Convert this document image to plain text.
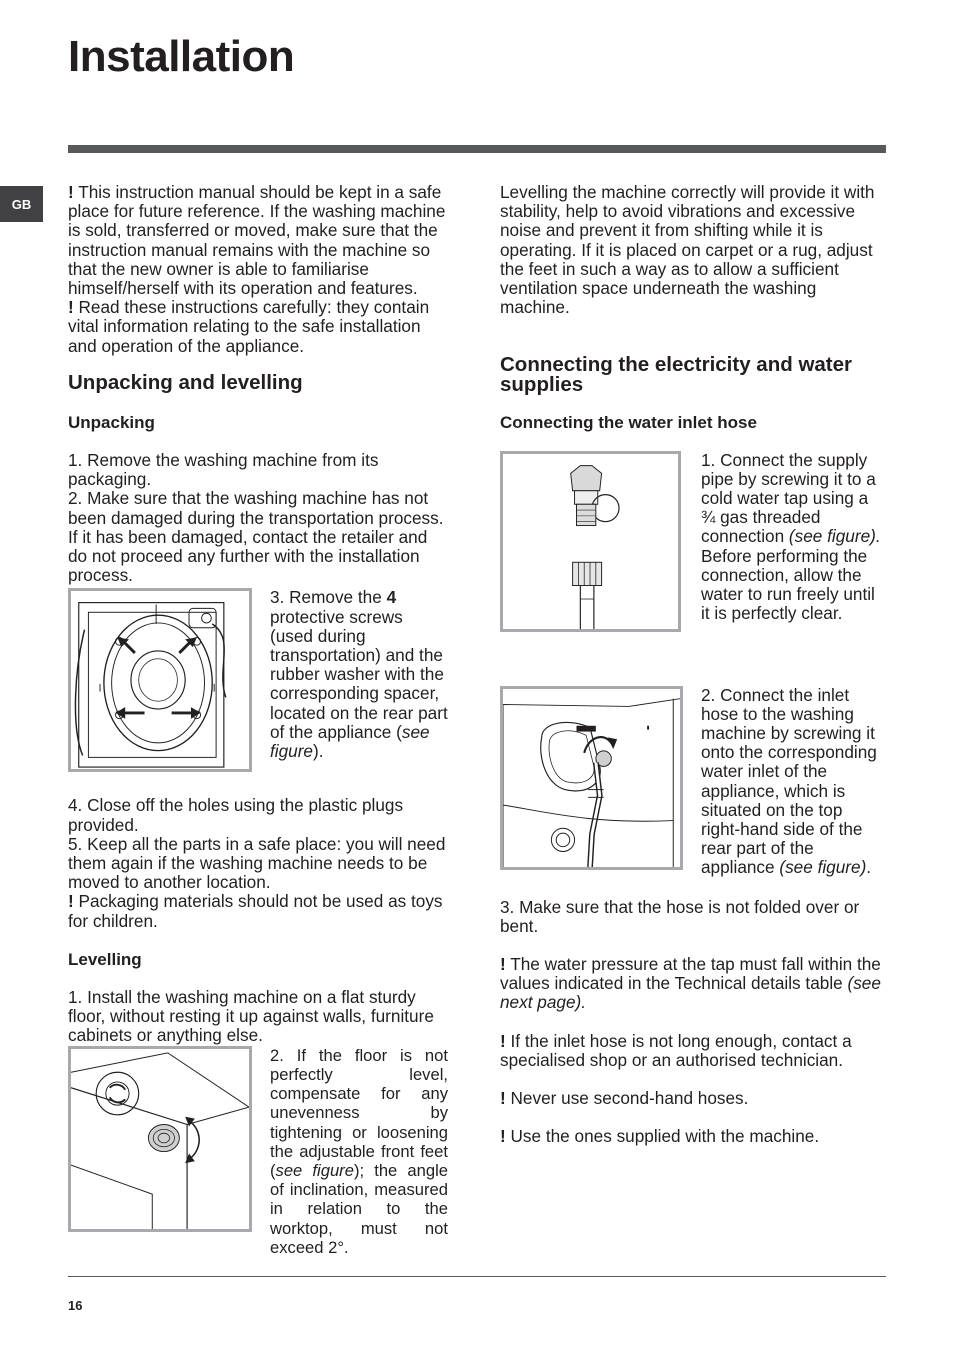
Installation
GB

! This instruction manual should be kept in a safe place for future reference. If the washing machine is sold, transferred or moved, make sure that the instruction manual remains with the machine so that the new owner is able to familiarise himself/herself with its operation and features.

! Read these instructions carefully: they contain vital information relating to the safe installation and operation of the appliance.

Unpacking and levelling

Unpacking

1. Remove the washing machine from its packaging.

2. Make sure that the washing machine has not been damaged during the transportation process. If it has been damaged, contact the retailer and do not proceed any further with the installation process.

3. Remove the 4 protective screws (used during transportation) and the rubber washer with the corresponding spacer, located on the rear part of the appliance (see figure).

4. Close off the holes using the plastic plugs provided.

5. Keep all the parts in a safe place: you will need them again if the washing machine needs to be moved to another location.

! Packaging materials should not be used as toys for children.

Levelling

1. Install the washing machine on a flat sturdy floor, without resting it up against walls, furniture cabinets or anything else.

2. If the floor is not perfectly level, compensate for any unevenness by tightening or loosening the adjustable front feet (see figure); the angle of inclination, measured in relation to the worktop, must not exceed 2°.

Levelling the machine correctly will provide it with stability, help to avoid vibrations and excessive noise and prevent it from shifting while it is operating. If it is placed on carpet or a rug, adjust the feet in such a way as to allow a sufficient ventilation space underneath the washing machine.

Connecting the electricity and water supplies

Connecting the water inlet hose

1. Connect the supply pipe by screwing it to a cold water tap using a ¾ gas threaded connection (see figure).
Before performing the connection, allow the water to run freely until it is perfectly clear.
2. Connect the inlet hose to the washing machine by screwing it onto the corresponding water inlet of the appliance, which is situated on the top right-hand side of the rear part of the appliance (see figure).

3. Make sure that the hose is not folded over or bent.

! The water pressure at the tap must fall within the values indicated in the Technical details table (see next page).

! If the inlet hose is not long enough, contact a specialised shop or an authorised technician.

! Never use second-hand hoses.

! Use the ones supplied with the machine.

16
